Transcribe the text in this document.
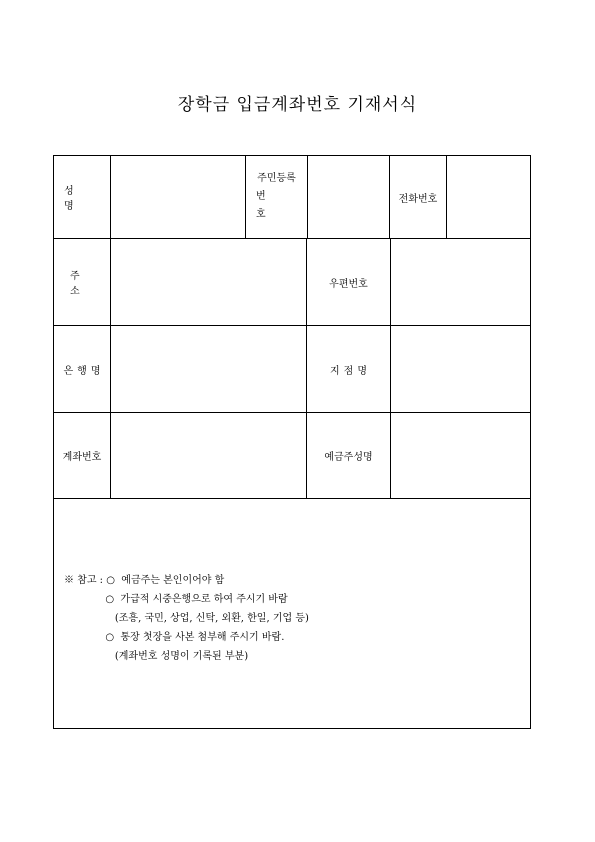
장학금 입금계좌번호 기재서식
성 명
주민등록
번 호
전화번호
주 소
우편번호
은행명	지점명
계좌번호	예금주성명
※ 참고 : ○  예금주는 본인이어야 함
○  가급적 시중은행으로 하여 주시기 바람
(조흥, 국민, 상업, 신탁, 외환, 한일, 기업 등)
○  통장 첫장을 사본 첨부해 주시기 바람.
(계좌번호 성명이 기록된 부분)
